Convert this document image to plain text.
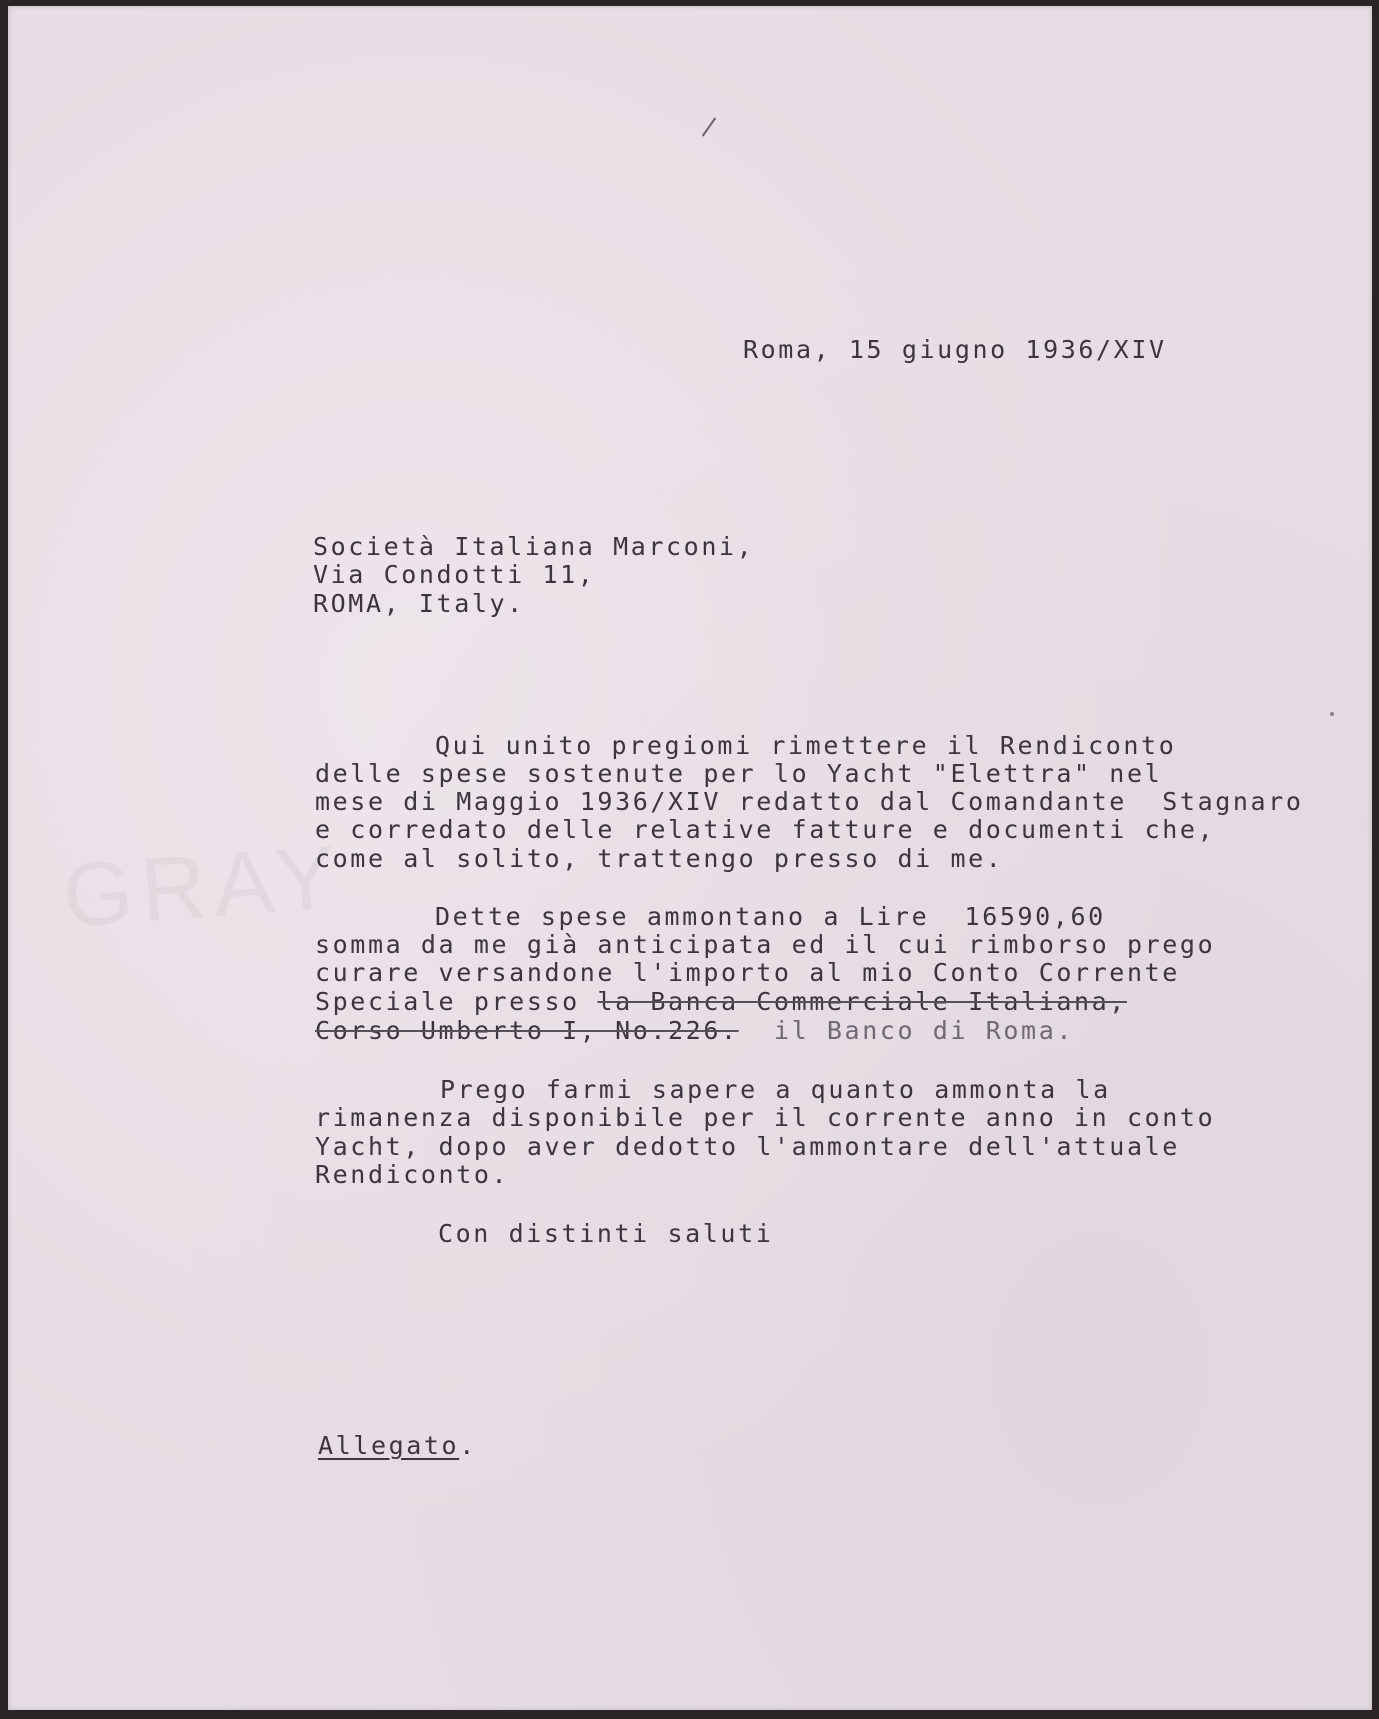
GRAY
Roma, 15 giugno 1936/XIV
Società Italiana Marconi,
Via Condotti 11,
ROMA, Italy.
Qui unito pregiomi rimettere il Rendiconto
delle spese sostenute per lo Yacht "Elettra" nel
mese di Maggio 1936/XIV redatto dal Comandante  Stagnaro
e corredato delle relative fatture e documenti che,
come al solito, trattengo presso di me.
Dette spese ammontano a Lire  16590,60
somma da me già anticipata ed il cui rimborso prego
curare versandone l'importo al mio Conto Corrente
Speciale presso la Banca Commerciale Italiana,
Corso Umberto I, No.226.  il Banco di Roma.
Prego farmi sapere a quanto ammonta la
rimanenza disponibile per il corrente anno in conto
Yacht, dopo aver dedotto l'ammontare dell'attuale
Rendiconto.
Con distinti saluti
Allegato.
